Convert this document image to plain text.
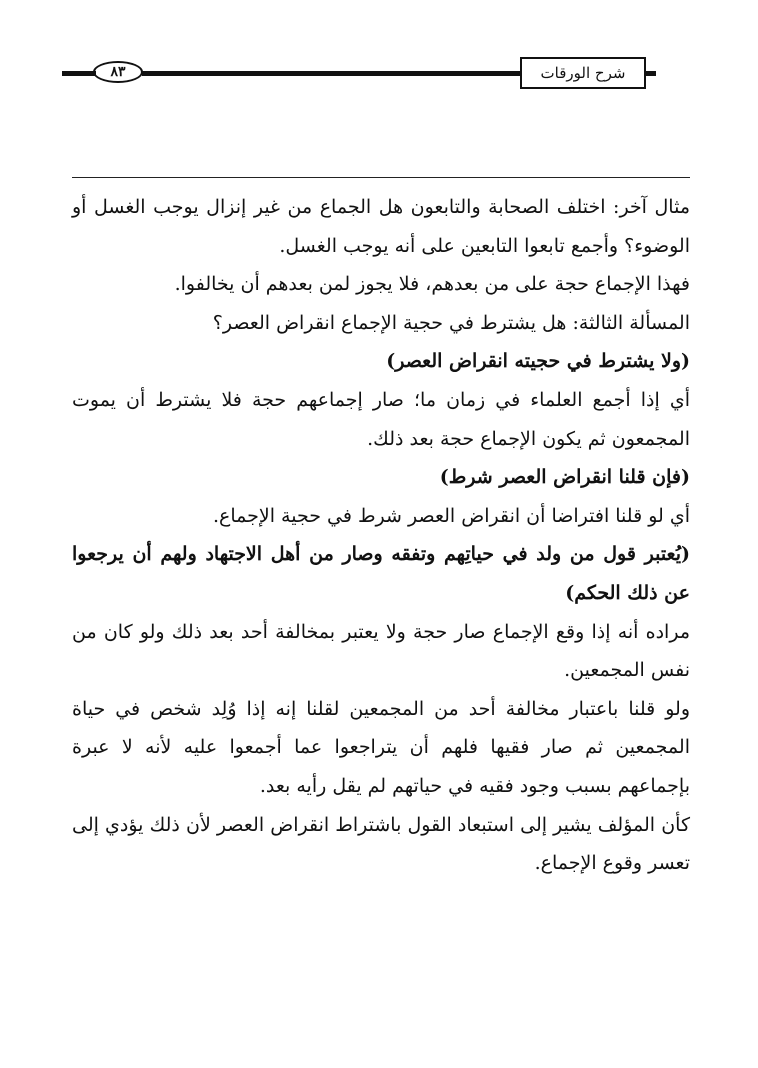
٨٣	شرح الورقات

مثال آخر: اختلف الصحابة والتابعون هل الجماع من غير إنزال يوجب الغسل أو الوضوء؟ وأجمع تابعوا التابعين على أنه يوجب الغسل.

فهذا الإجماع حجة على من بعدهم، فلا يجوز لمن بعدهم أن يخالفوا.

المسألة الثالثة: هل يشترط في حجية الإجماع انقراض العصر؟

(ولا يشترط في حجيته انقراض العصر)

أي إذا أجمع العلماء في زمان ما؛ صار إجماعهم حجة فلا يشترط أن يموت المجمعون ثم يكون الإجماع حجة بعد ذلك.

(فإن قلنا انقراض العصر شرط)

أي لو قلنا افتراضا أن انقراض العصر شرط في حجية الإجماع.

(يُعتبر قول من ولد في حياتِهم وتفقه وصار من أهل الاجتهاد ولهم أن يرجعوا عن ذلك الحكم)

مراده أنه إذا وقع الإجماع صار حجة ولا يعتبر بمخالفة أحد بعد ذلك ولو كان من نفس المجمعين.

ولو قلنا باعتبار مخالفة أحد من المجمعين لقلنا إنه إذا وُلِد شخص في حياة المجمعين ثم صار فقيها فلهم أن يتراجعوا عما أجمعوا عليه لأنه لا عبرة بإجماعهم بسبب وجود فقيه في حياتهم لم يقل رأيه بعد.

كأن المؤلف يشير إلى استبعاد القول باشتراط انقراض العصر لأن ذلك يؤدي إلى تعسر وقوع الإجماع.
